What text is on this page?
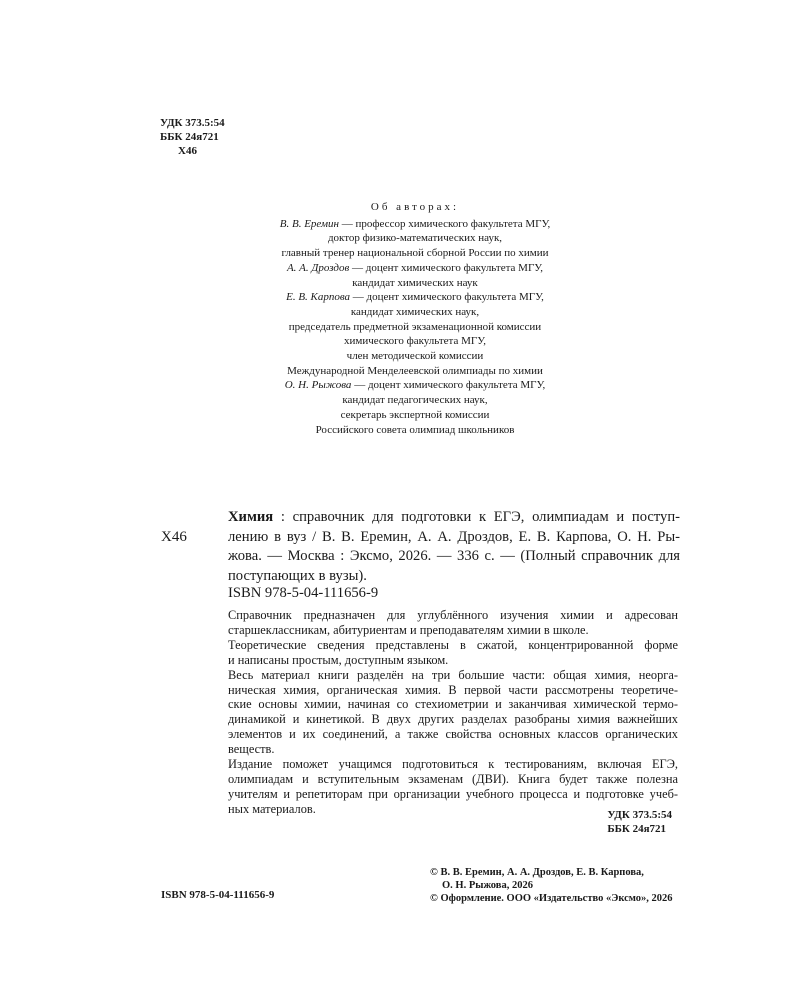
УДК 373.5:54
ББК 24я721
Х46
Об авторах:
В. В. Еремин — профессор химического факультета МГУ,
доктор физико-математических наук,
главный тренер национальной сборной России по химии
А. А. Дроздов — доцент химического факультета МГУ,
кандидат химических наук
Е. В. Карпова — доцент химического факультета МГУ,
кандидат химических наук,
председатель предметной экзаменационной комиссии
химического факультета МГУ,
член методической комиссии
Международной Менделеевской олимпиады по химии
О. Н. Рыжова — доцент химического факультета МГУ,
кандидат педагогических наук,
секретарь экспертной комиссии
Российского совета олимпиад школьников
Х46
Химия : справочник для подготовки к ЕГЭ, олимпиадам и поступ-
лению в вуз / В. В. Еремин, А. А. Дроздов, Е. В. Карпова, О. Н. Ры-
жова. — Москва : Эксмо, 2026. — 336 с. — (Полный справочник для
поступающих в вузы).
ISBN 978-5-04-111656-9
Справочник предназначен для углублённого изучения химии и адресован
старшеклассникам, абитуриентам и преподавателям химии в школе.
Теоретические сведения представлены в сжатой, концентрированной форме
и написаны простым, доступным языком.
Весь материал книги разделён на три большие части: общая химия, неорга-
ническая химия, органическая химия. В первой части рассмотрены теоретиче-
ские основы химии, начиная со стехиометрии и заканчивая химической термо-
динамикой и кинетикой. В двух других разделах разобраны химия важнейших
элементов и их соединений, а также свойства основных классов органических
веществ.
Издание поможет учащимся подготовиться к тестированиям, включая ЕГЭ,
олимпиадам и вступительным экзаменам (ДВИ). Книга будет также полезна
учителям и репетиторам при организации учебного процесса и подготовке учеб-
ных материалов.	УДК 373.5:54
ББК 24я721
© В. В. Еремин, А. А. Дроздов, Е. В. Карпова,
О. Н. Рыжова, 2026
© Оформление. ООО «Издательство «Эксмо», 2026
ISBN 978-5-04-111656-9
